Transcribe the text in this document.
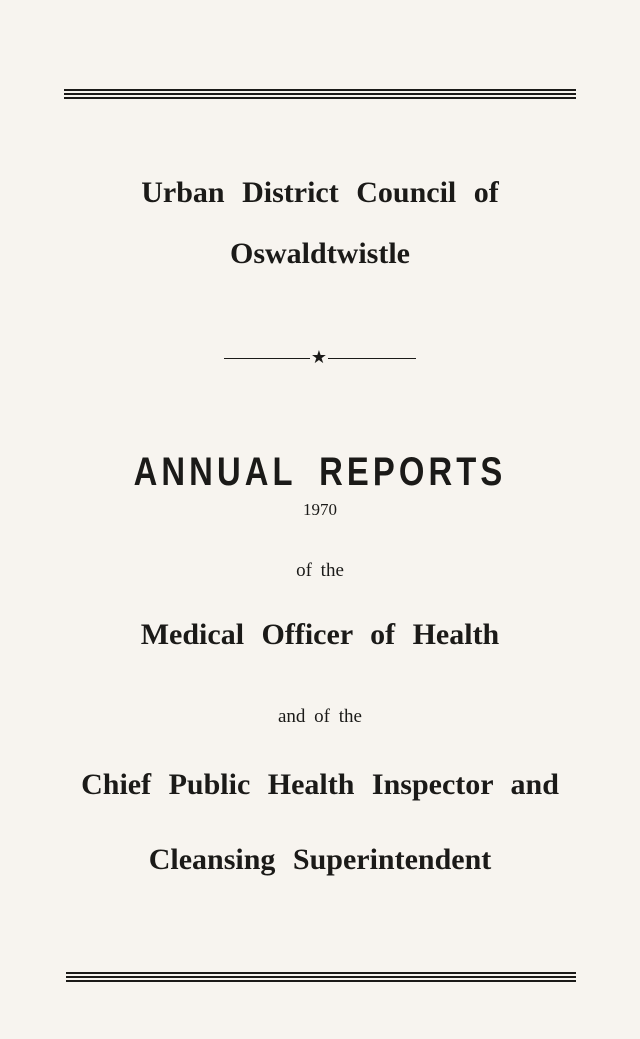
Urban District Council of
Oswaldtwistle
★
ANNUAL REPORTS
1970
of the
Medical Officer of Health
and of the
Chief Public Health Inspector and
Cleansing Superintendent
